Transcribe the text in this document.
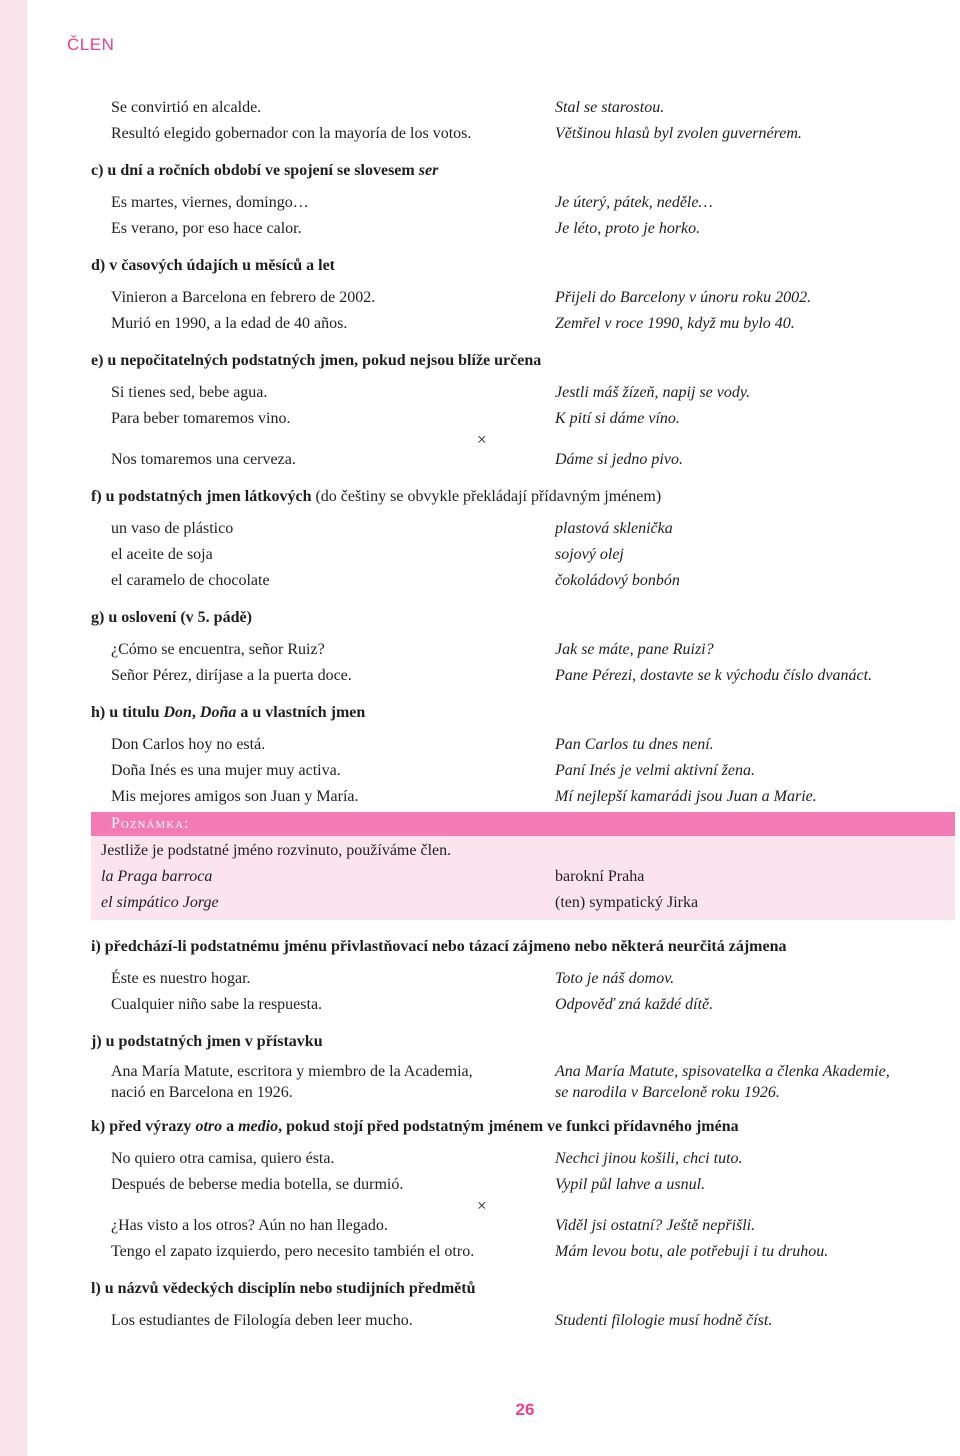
ČLEN
Se convirtió en alcalde.	Stal se starostou.
Resultó elegido gobernador con la mayoría de los votos.	Většinou hlasů byl zvolen guvernérem.
c) u dní a ročních období ve spojení se slovesem ser
Es martes, viernes, domingo…	Je úterý, pátek, neděle…
Es verano, por eso hace calor.	Je léto, proto je horko.
d) v časových údajích u měsíců a let
Vinieron a Barcelona en febrero de 2002.	Přijeli do Barcelony v únoru roku 2002.
Murió en 1990, a la edad de 40 años.	Zemřel v roce 1990, když mu bylo 40.
e) u nepočitatelných podstatných jmen, pokud nejsou blíže určena
Si tienes sed, bebe agua.	Jestli máš žízeň, napij se vody.
Para beber tomaremos vino.	K pití si dáme víno.
×
Nos tomaremos una cerveza.	Dáme si jedno pivo.
f) u podstatných jmen látkových (do češtiny se obvykle překládají přídavným jménem)
un vaso de plástico	plastová sklenička
el aceite de soja	sojový olej
el caramelo de chocolate	čokoládový bonbón
g) u oslovení (v 5. pádě)
¿Cómo se encuentra, señor Ruiz?	Jak se máte, pane Ruizi?
Señor Pérez, diríjase a la puerta doce.	Pane Pérezi, dostavte se k východu číslo dvanáct.
h) u titulu Don, Doña a u vlastních jmen
Don Carlos hoy no está.	Pan Carlos tu dnes není.
Doña Inés es una mujer muy activa.	Paní Inés je velmi aktivní žena.
Mis mejores amigos son Juan y María.	Mí nejlepší kamarádi jsou Juan a Marie.
Poznámka:
Jestliže je podstatné jméno rozvinuto, používáme člen.
la Praga barroca	barokní Praha
el simpático Jorge	(ten) sympatický Jirka
i) předchází-li podstatnému jménu přivlastňovací nebo tázací zájmeno nebo některá neurčitá zájmena
Éste es nuestro hogar.	Toto je náš domov.
Cualquier niño sabe la respuesta.	Odpověď zná každé dítě.
j) u podstatných jmen v přístavku
Ana María Matute, escritora y miembro de la Academia,	Ana María Matute, spisovatelka a členka Akademie,
nació en Barcelona en 1926.	se narodila v Barceloně roku 1926.
k) před výrazy otro a medio, pokud stojí před podstatným jménem ve funkci přídavného jména
No quiero otra camisa, quiero ésta.	Nechci jinou košili, chci tuto.
Después de beberse media botella, se durmió.	Vypil půl lahve a usnul.
×
¿Has visto a los otros? Aún no han llegado.	Viděl jsi ostatní? Ještě nepřišli.
Tengo el zapato izquierdo, pero necesito también el otro.	Mám levou botu, ale potřebuji i tu druhou.
l) u názvů vědeckých disciplín nebo studijních předmětů
Los estudiantes de Filología deben leer mucho.	Studenti filologie musí hodně číst.
26
